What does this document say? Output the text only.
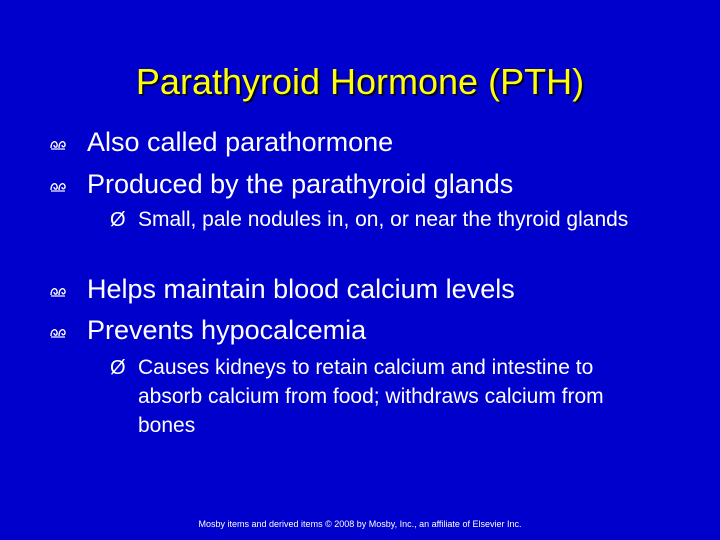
Parathyroid Hormone (PTH)
Also called parathormone
Produced by the parathyroid glands
Ø Small, pale nodules in, on, or near the thyroid glands
Helps maintain blood calcium levels
Prevents hypocalcemia
Ø Causes kidneys to retain calcium and intestine to absorb calcium from food; withdraws calcium from bones
Mosby items and derived items © 2008 by Mosby, Inc., an affiliate of Elsevier Inc.
